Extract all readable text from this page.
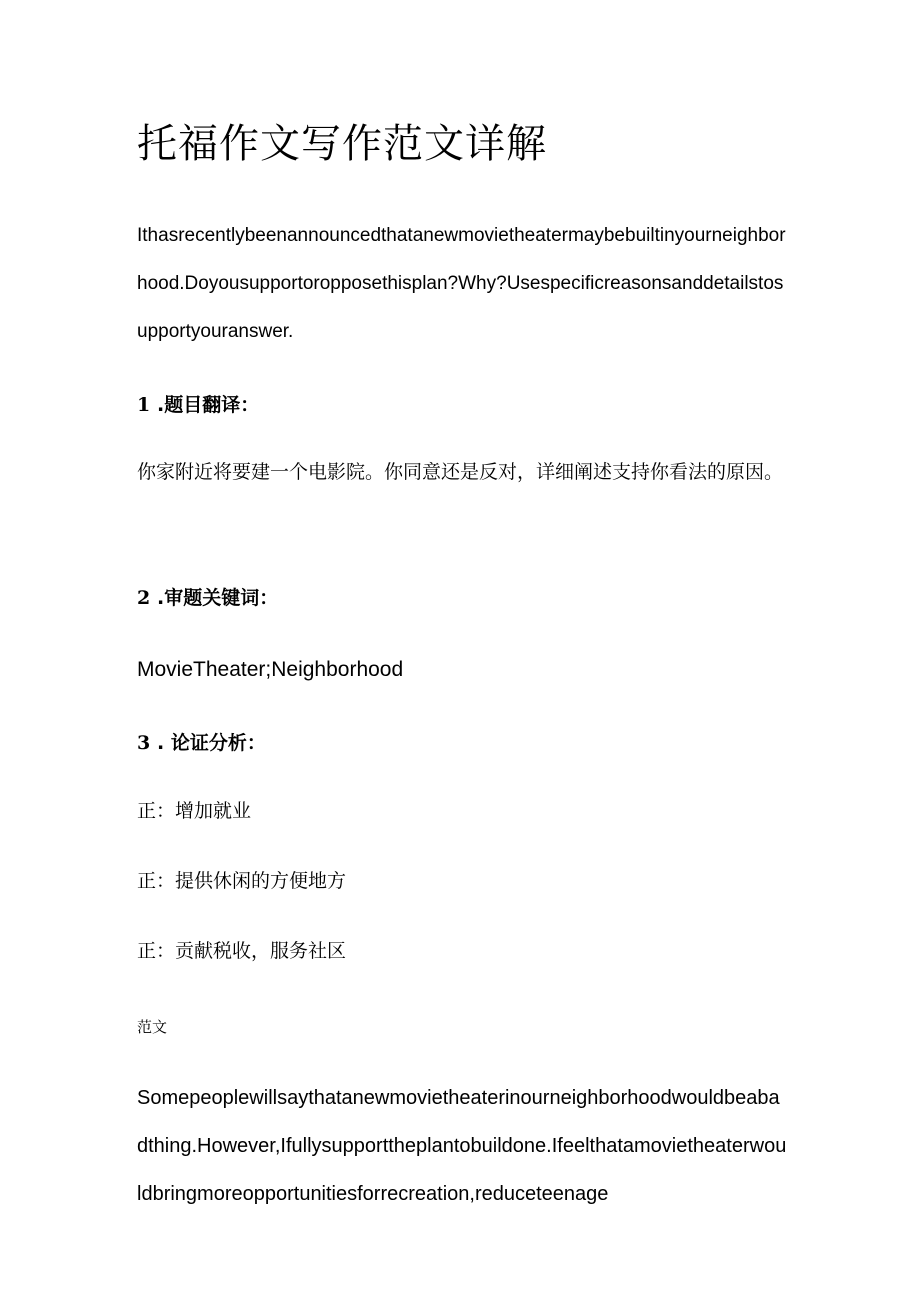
托福作文写作范文详解

Ithasrecentlybeenannouncedthatanewmovietheatermaybebuiltinyourneighborhood.Doyousupportoropposethisplan?Why?Usespecificreasonsanddetailstosupportyouranswer.

1 .题目翻译：

你家附近将要建一个电影院。你同意还是反对，详细阐述支持你看法的原因。

2 .审题关键词：

MovieTheater;Neighborhood

3 . 论证分析：

正：增加就业

正：提供休闲的方便地方

正：贡献税收，服务社区

范文

Somepeoplewillsaythatanewmovietheaterinourneighborhoodwouldbeabadthing.However,Ifullysupporttheplantobuildone.Ifeelthatamovietheaterwouldbringmoreopportunitiesforrecreation,reduceteenage
